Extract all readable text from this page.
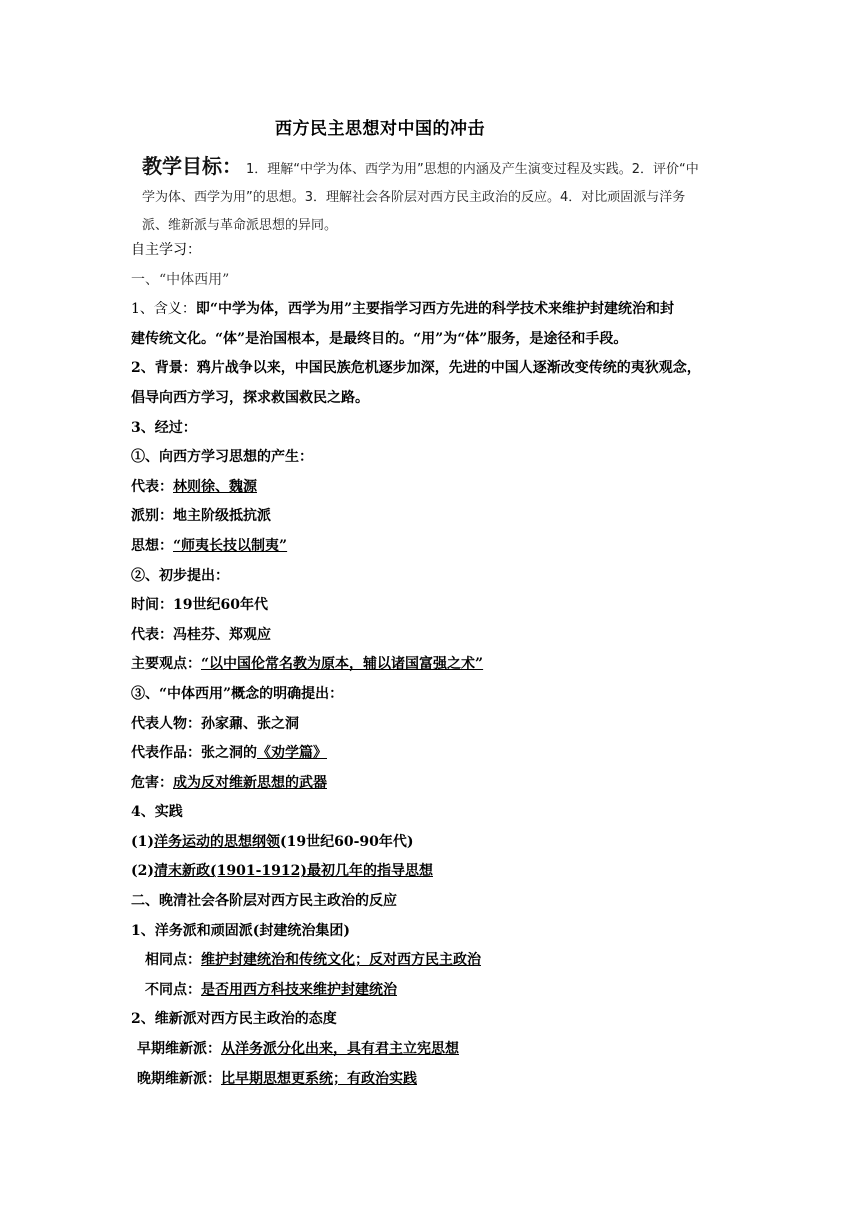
西方民主思想对中国的冲击
教学目标： 1．理解“中学为体、西学为用”思想的内涵及产生演变过程及实践。2．评价“中学为体、西学为用”的思想。3．理解社会各阶层对西方民主政治的反应。4．对比顽固派与洋务派、维新派与革命派思想的异同。
自主学习：
一、“中体西用”
1、含义：即“中学为体，西学为用”主要指学习西方先进的科学技术来维护封建统治和封
建传统文化。“体”是治国根本，是最终目的。“用”为“体”服务，是途径和手段。
2、背景：鸦片战争以来，中国民族危机逐步加深，先进的中国人逐渐改变传统的夷狄观念，
倡导向西方学习，探求救国救民之路。
3、经过：
①、向西方学习思想的产生：
代表：林则徐、魏源
派别：地主阶级抵抗派
思想：“师夷长技以制夷”
②、初步提出：
时间：19世纪60年代
代表：冯桂芬、郑观应
主要观点：“以中国伦常名教为原本，辅以诸国富强之术”
③、“中体西用”概念的明确提出：
代表人物：孙家鼐、张之洞
代表作品：张之洞的《劝学篇》
危害：成为反对维新思想的武器
4、实践
(1)洋务运动的思想纲领(19世纪60-90年代)
(2)清末新政(1901-1912)最初几年的指导思想
二、晚清社会各阶层对西方民主政治的反应
1、洋务派和顽固派(封建统治集团)
相同点：维护封建统治和传统文化；反对西方民主政治
不同点：是否用西方科技来维护封建统治
2、维新派对西方民主政治的态度
早期维新派：从洋务派分化出来，具有君主立宪思想
晚期维新派：比早期思想更系统；有政治实践
